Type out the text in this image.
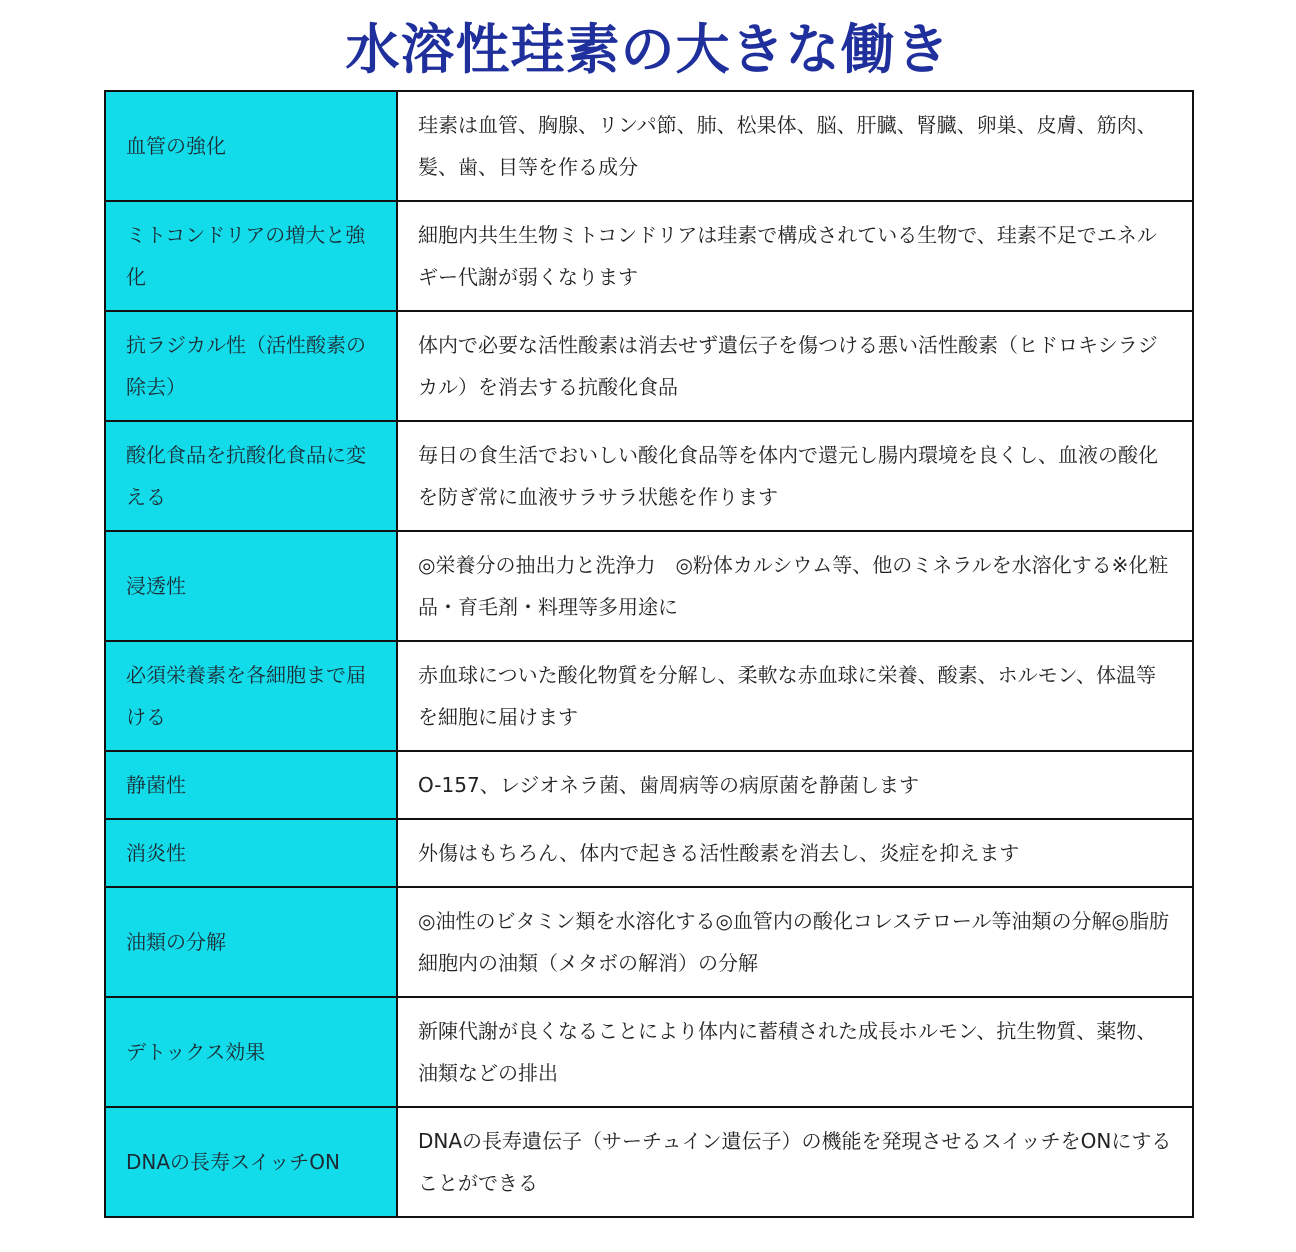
水溶性珪素の大きな働き
血管の強化	珪素は血管、胸腺、リンパ節、肺、松果体、脳、肝臓、腎臓、卵巣、皮膚、筋肉、髪、歯、目等を作る成分
ミトコンドリアの増大と強化	細胞内共生生物ミトコンドリアは珪素で構成されている生物で、珪素不足でエネルギー代謝が弱くなります
抗ラジカル性（活性酸素の除去）	体内で必要な活性酸素は消去せず遺伝子を傷つける悪い活性酸素（ヒドロキシラジカル）を消去する抗酸化食品
酸化食品を抗酸化食品に変える	毎日の食生活でおいしい酸化食品等を体内で還元し腸内環境を良くし、血液の酸化を防ぎ常に血液サラサラ状態を作ります
浸透性	◎栄養分の抽出力と洗浄力　◎粉体カルシウム等、他のミネラルを水溶化する※化粧品・育毛剤・料理等多用途に
必須栄養素を各細胞まで届ける	赤血球についた酸化物質を分解し、柔軟な赤血球に栄養、酸素、ホルモン、体温等を細胞に届けます
静菌性	O-157、レジオネラ菌、歯周病等の病原菌を静菌します
消炎性	外傷はもちろん、体内で起きる活性酸素を消去し、炎症を抑えます
油類の分解	◎油性のビタミン類を水溶化する◎血管内の酸化コレステロール等油類の分解◎脂肪細胞内の油類（メタボの解消）の分解
デトックス効果	新陳代謝が良くなることにより体内に蓄積された成長ホルモン、抗生物質、薬物、油類などの排出
DNAの長寿スイッチON	DNAの長寿遺伝子（サーチュイン遺伝子）の機能を発現させるスイッチをONにすることができる
